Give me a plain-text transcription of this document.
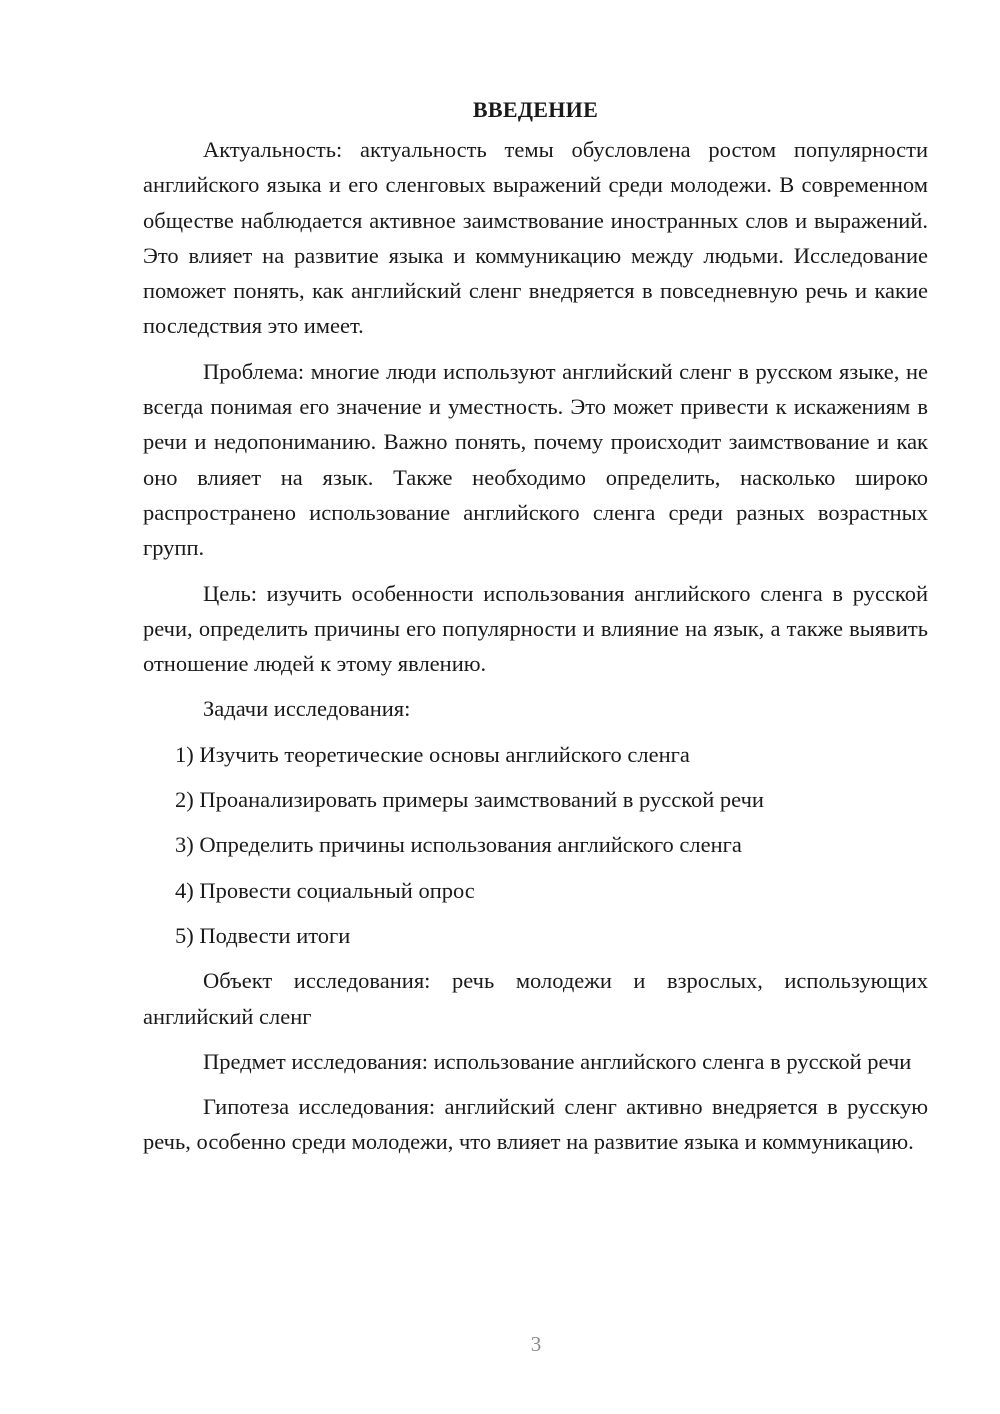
ВВЕДЕНИЕ

Актуальность: актуальность темы обусловлена ростом популярности английского языка и его сленговых выражений среди молодежи. В современном обществе наблюдается активное заимствование иностранных слов и выражений. Это влияет на развитие языка и коммуникацию между людьми. Исследование поможет понять, как английский сленг внедряется в повседневную речь и какие последствия это имеет.

Проблема: многие люди используют английский сленг в русском языке, не всегда понимая его значение и уместность. Это может привести к искажениям в речи и недопониманию. Важно понять, почему происходит заимствование и как оно влияет на язык. Также необходимо определить, насколько широко распространено использование английского сленга среди разных возрастных групп.

Цель: изучить особенности использования английского сленга в русской речи, определить причины его популярности и влияние на язык, а также выявить отношение людей к этому явлению.

Задачи исследования:

1) Изучить теоретические основы английского сленга
2) Проанализировать примеры заимствований в русской речи
3) Определить причины использования английского сленга
4) Провести социальный опрос
5) Подвести итоги

Объект исследования: речь молодежи и взрослых, использующих английский сленг

Предмет исследования: использование английского сленга в русской речи

Гипотеза исследования: английский сленг активно внедряется в русскую речь, особенно среди молодежи, что влияет на развитие языка и коммуникацию.

3
